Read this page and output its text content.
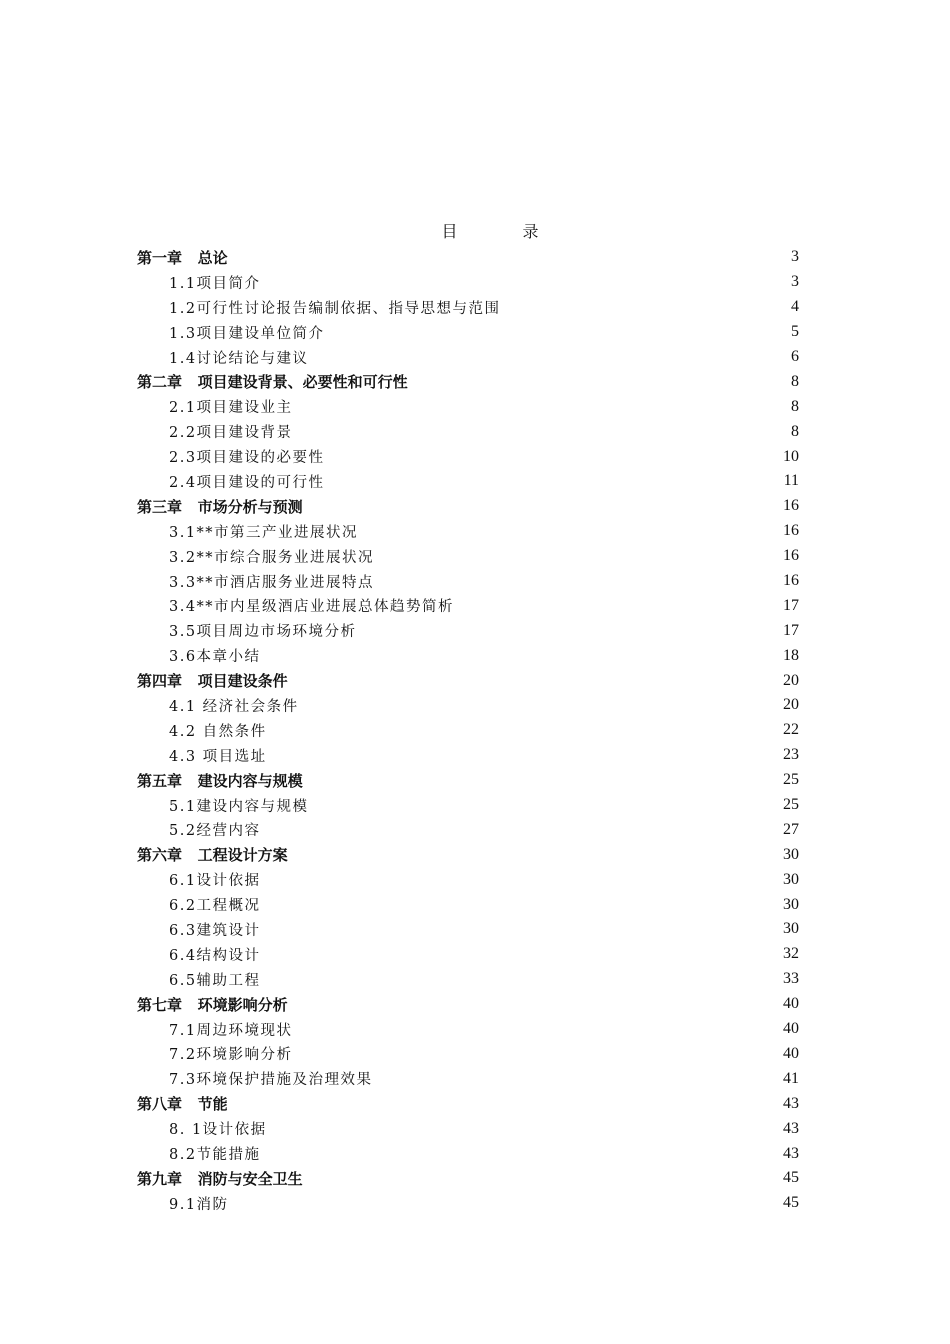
目 录
第一章   总论	3
1.1项目简介	3
1.2可行性讨论报告编制依据、指导思想与范围	4
1.3项目建设单位简介	5
1.4讨论结论与建议	6
第二章   项目建设背景、必要性和可行性	8
2.1项目建设业主	8
2.2项目建设背景	8
2.3项目建设的必要性	10
2.4项目建设的可行性	11
第三章   市场分析与预测	16
3.1**市第三产业进展状况	16
3.2**市综合服务业进展状况	16
3.3**市酒店服务业进展特点	16
3.4**市内星级酒店业进展总体趋势简析	17
3.5项目周边市场环境分析	17
3.6本章小结	18
第四章   项目建设条件	20
4.1 经济社会条件	20
4.2 自然条件	22
4.3 项目选址	23
第五章   建设内容与规模	25
5.1建设内容与规模	25
5.2经营内容	27
第六章   工程设计方案	30
6.1设计依据	30
6.2工程概况	30
6.3建筑设计	30
6.4结构设计	32
6.5辅助工程	33
第七章   环境影响分析	40
7.1周边环境现状	40
7.2环境影响分析	40
7.3环境保护措施及治理效果	41
第八章   节能	43
8. 1设计依据	43
8.2节能措施	43
第九章   消防与安全卫生	45
9.1消防	45
